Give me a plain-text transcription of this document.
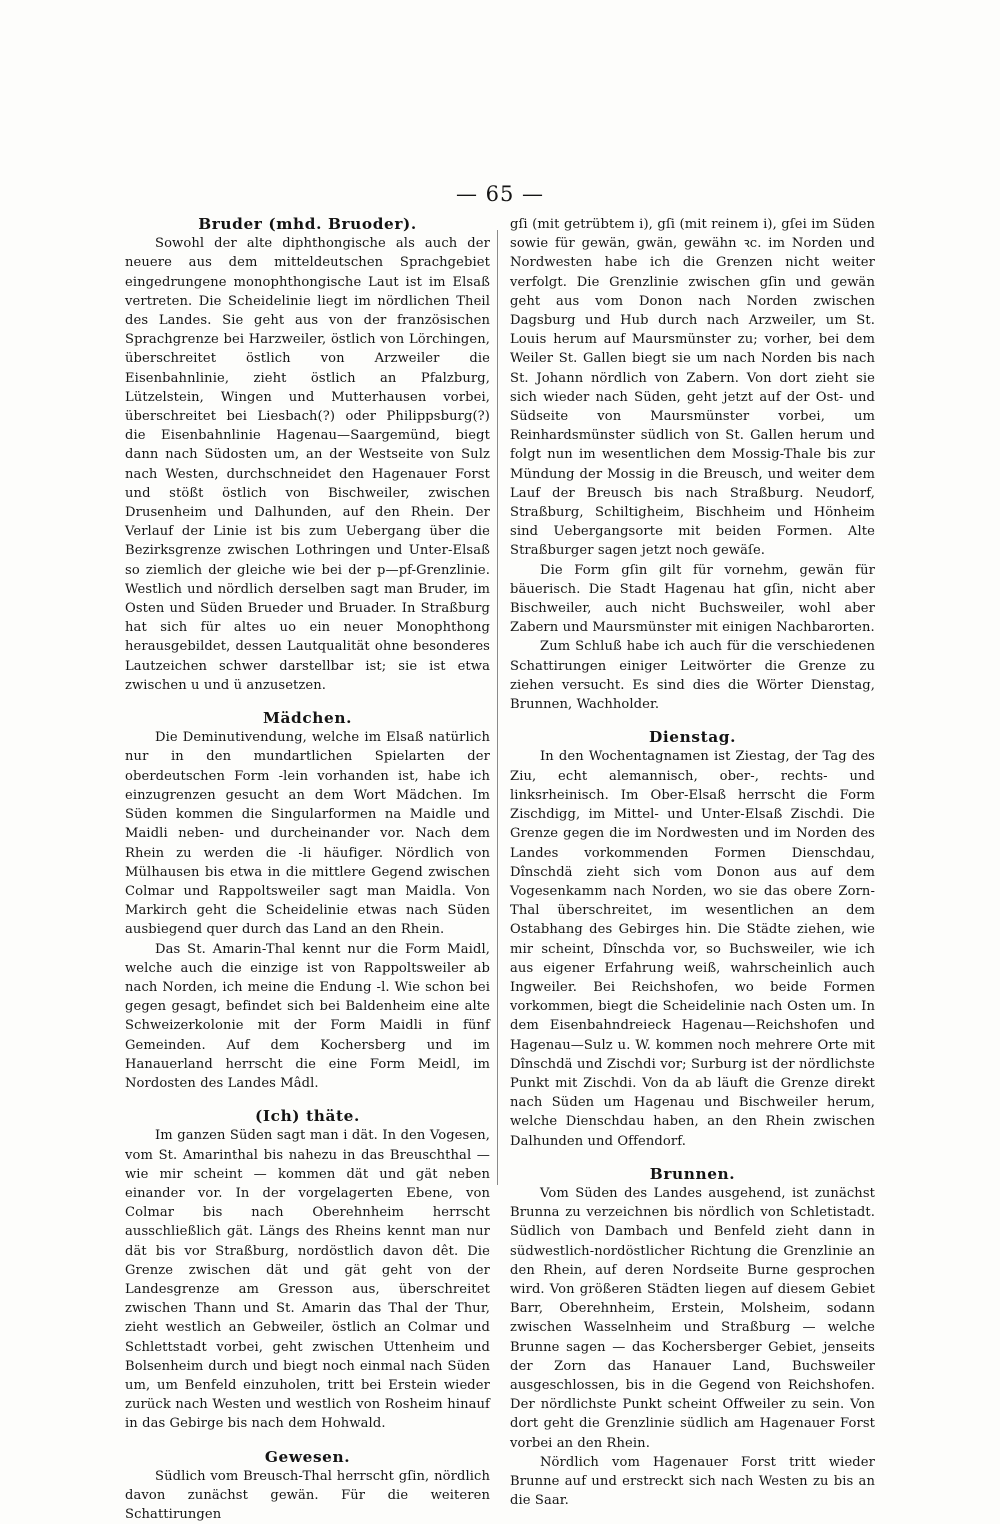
— 65 —
Bruder (mhd. Bruoder).

Sowohl der alte diphthongische als auch der neuere aus dem mitteldeutschen Sprachgebiet eingedrungene monophthongische Laut ist im Elsaß vertreten. Die Scheidelinie liegt im nördlichen Theil des Landes. Sie geht aus von der französischen Sprachgrenze bei Harzweiler, östlich von Lörchingen, überschreitet östlich von Arzweiler die Eisenbahnlinie, zieht östlich an Pfalzburg, Lützelstein, Wingen und Mutterhausen vorbei, überschreitet bei Liesbach(?) oder Philippsburg(?) die Eisenbahnlinie Hagenau—Saargemünd, biegt dann nach Südosten um, an der Westseite von Sulz nach Westen, durchschneidet den Hagenauer Forst und stößt östlich von Bischweiler, zwischen Drusenheim und Dalhunden, auf den Rhein. Der Verlauf der Linie ist bis zum Uebergang über die Bezirksgrenze zwischen Lothringen und Unter-Elsaß so ziemlich der gleiche wie bei der p—pf-Grenzlinie. Westlich und nördlich derselben sagt man Bruder, im Osten und Süden Brueder und Bruader. In Straßburg hat sich für altes uo ein neuer Monophthong herausgebildet, dessen Lautqualität ohne besonderes Lautzeichen schwer darstellbar ist; sie ist etwa zwischen u und ü anzusetzen.

Mädchen.

Die Deminutivendung, welche im Elsaß natürlich nur in den mundartlichen Spielarten der oberdeutschen Form -lein vorhanden ist, habe ich einzugrenzen gesucht an dem Wort Mädchen. Im Süden kommen die Singularformen na Maidle und Maidli neben- und durcheinander vor. Nach dem Rhein zu werden die -li häufiger. Nördlich von Mülhausen bis etwa in die mittlere Gegend zwischen Colmar und Rappoltsweiler sagt man Maidla. Von Markirch geht die Scheidelinie etwas nach Süden ausbiegend quer durch das Land an den Rhein.

Das St. Amarin-Thal kennt nur die Form Maidl, welche auch die einzige ist von Rappoltsweiler ab nach Norden, ich meine die Endung -l. Wie schon bei gegen gesagt, befindet sich bei Baldenheim eine alte Schweizerkolonie mit der Form Maidli in fünf Gemeinden. Auf dem Kochersberg und im Hanauerland herrscht die eine Form Meidl, im Nordosten des Landes Mâdl.

(Ich) thäte.

Im ganzen Süden sagt man i dät. In den Vogesen, vom St. Amarinthal bis nahezu in das Breuschthal — wie mir scheint — kommen dät und gät neben einander vor. In der vorgelagerten Ebene, von Colmar bis nach Oberehnheim herrscht ausschließlich gät. Längs des Rheins kennt man nur dät bis vor Straßburg, nordöstlich davon dêt. Die Grenze zwischen dät und gät geht von der Landesgrenze am Gresson aus, überschreitet zwischen Thann und St. Amarin das Thal der Thur, zieht westlich an Gebweiler, östlich an Colmar und Schlettstadt vorbei, geht zwischen Uttenheim und Bolsenheim durch und biegt noch einmal nach Süden um, um Benfeld einzuholen, tritt bei Erstein wieder zurück nach Westen und westlich von Rosheim hinauf in das Gebirge bis nach dem Hohwald.

Gewesen.

Südlich vom Breusch-Thal herrscht gſin, nördlich davon zunächst gewän. Für die weiteren Schattirungen

gſi (mit getrübtem i), gſi (mit reinem i), gſei im Süden sowie für gewän, gwän, gewähn ꝛc. im Norden und Nordwesten habe ich die Grenzen nicht weiter verfolgt. Die Grenzlinie zwischen gſin und gewän geht aus vom Donon nach Norden zwischen Dagsburg und Hub durch nach Arzweiler, um St. Louis herum auf Maursmünster zu; vorher, bei dem Weiler St. Gallen biegt sie um nach Norden bis nach St. Johann nördlich von Zabern. Von dort zieht sie sich wieder nach Süden, geht jetzt auf der Ost- und Südseite von Maursmünster vorbei, um Reinhardsmünster südlich von St. Gallen herum und folgt nun im wesentlichen dem Mossig-Thale bis zur Mündung der Mossig in die Breusch, und weiter dem Lauf der Breusch bis nach Straßburg. Neudorf, Straßburg, Schiltigheim, Bischheim und Hönheim sind Uebergangsorte mit beiden Formen. Alte Straßburger sagen jetzt noch gewäſe.

Die Form gſin gilt für vornehm, gewän für bäuerisch. Die Stadt Hagenau hat gſin, nicht aber Bischweiler, auch nicht Buchsweiler, wohl aber Zabern und Maursmünster mit einigen Nachbarorten.

Zum Schluß habe ich auch für die verschiedenen Schattirungen einiger Leitwörter die Grenze zu ziehen versucht. Es sind dies die Wörter Dienstag, Brunnen, Wachholder.

Dienstag.

In den Wochentagnamen ist Ziestag, der Tag des Ziu, echt alemannisch, ober-, rechts- und linksrheinisch. Im Ober-Elsaß herrscht die Form Zischdigg, im Mittel- und Unter-Elsaß Zischdi. Die Grenze gegen die im Nordwesten und im Norden des Landes vorkommenden Formen Dienschdau, Dînschdä zieht sich vom Donon aus auf dem Vogesenkamm nach Norden, wo sie das obere Zorn-Thal überschreitet, im wesentlichen an dem Ostabhang des Gebirges hin. Die Städte ziehen, wie mir scheint, Dînschda vor, so Buchsweiler, wie ich aus eigener Erfahrung weiß, wahrscheinlich auch Ingweiler. Bei Reichshofen, wo beide Formen vorkommen, biegt die Scheidelinie nach Osten um. In dem Eisenbahndreieck Hagenau—Reichshofen und Hagenau—Sulz u. W. kommen noch mehrere Orte mit Dînschdä und Zischdi vor; Surburg ist der nördlichste Punkt mit Zischdi. Von da ab läuft die Grenze direkt nach Süden um Hagenau und Bischweiler herum, welche Dienschdau haben, an den Rhein zwischen Dalhunden und Offendorf.

Brunnen.

Vom Süden des Landes ausgehend, ist zunächst Brunna zu verzeichnen bis nördlich von Schletistadt. Südlich von Dambach und Benfeld zieht dann in südwestlich-nordöstlicher Richtung die Grenzlinie an den Rhein, auf deren Nordseite Burne gesprochen wird. Von größeren Städten liegen auf diesem Gebiet Barr, Oberehnheim, Erstein, Molsheim, sodann zwischen Wasselnheim und Straßburg — welche Brunne sagen — das Kochersberger Gebiet, jenseits der Zorn das Hanauer Land, Buchsweiler ausgeschlossen, bis in die Gegend von Reichshofen. Der nördlichste Punkt scheint Offweiler zu sein. Von dort geht die Grenzlinie südlich am Hagenauer Forst vorbei an den Rhein.

Nördlich vom Hagenauer Forst tritt wieder Brunne auf und erstreckt sich nach Westen zu bis an die Saar.
